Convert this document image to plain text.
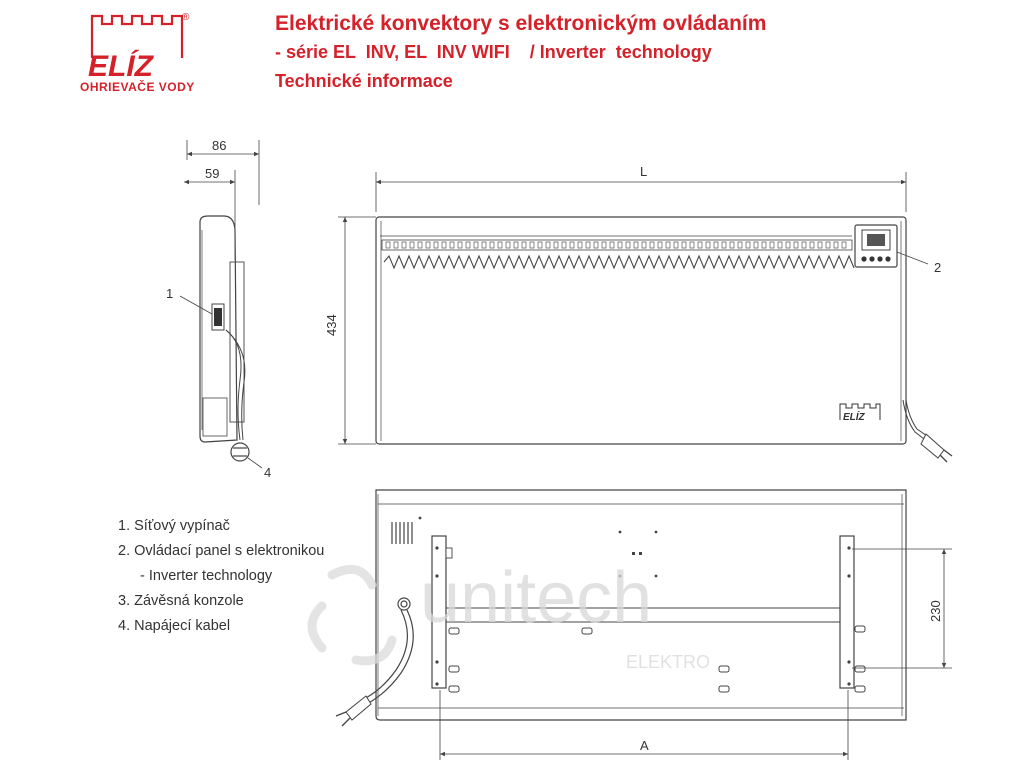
ELÍZ
®
OHRIEVAČE VODY
Elektrické konvektory s elektronickým ovládaním
- série EL  INV, EL  INV WIFI    / Inverter  technology
Technické informace
86
59
1
4
L
434
2
ELÍZ
230
A
unitech
ELEKTRO
1. Síťový vypínač
2. Ovládací panel s elektronikou
- Inverter technology
3. Závěsná konzole
4. Napájecí kabel
